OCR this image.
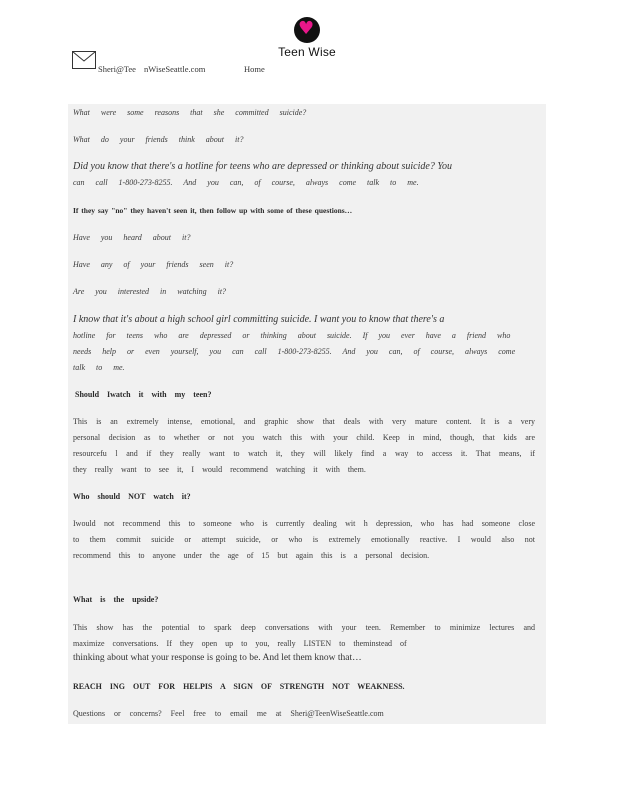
♥
Teen Wise
Sheri@Tee nWiseSeattle.com	Home
What were some reasons that she committed suicide?
What do your friends think about it?
Did you know that there's a hotline for teens who are depressed or thinking about suicide? You
can call 1-800-273-8255. And you can, of course, always come talk to me.
If they say "no" they haven't seen it, then follow up with some of these questions…
Have you heard about it?
Have any of your friends seen it?
Are you interested in watching it?
I know that it's about a high school girl committing suicide. I want you to know that there's a
hotline for teens who are depressed or thinking about suicide. If you ever have a friend who
needs help or even yourself, you can call 1-800-273-8255. And you can, of course, always come
talk to me.
Should Iwatch it with my teen?
This is an extremely intense, emotional, and graphic show that deals with very mature content. It is a very personal decision as to whether or not you watch this with your child. Keep in mind, though, that kids are resourcefu l and if they really want to watch it, they will likely find a way to access it. That means, if they really want to see it, I would recommend watching it with them.
Who should NOT watch it?
Iwould not recommend this to someone who is currently dealing wit h depression, who has had someone close to them commit suicide or attempt suicide, or who is extremely emotionally reactive. I would also not recommend this to anyone under the age of 15 but again this is a personal decision.
What is the upside?
This show has the potential to spark deep conversations with your teen. Remember to minimize lectures and maximize conversations. If they open up to you, really LISTEN to theminstead of
thinking about what your response is going to be. And let them know that…
REACH ING OUT FOR HELPIS A SIGN OF STRENGTH NOT WEAKNESS.
Questions or concerns? Feel free to email me at Sheri@TeenWiseSeattle.com
